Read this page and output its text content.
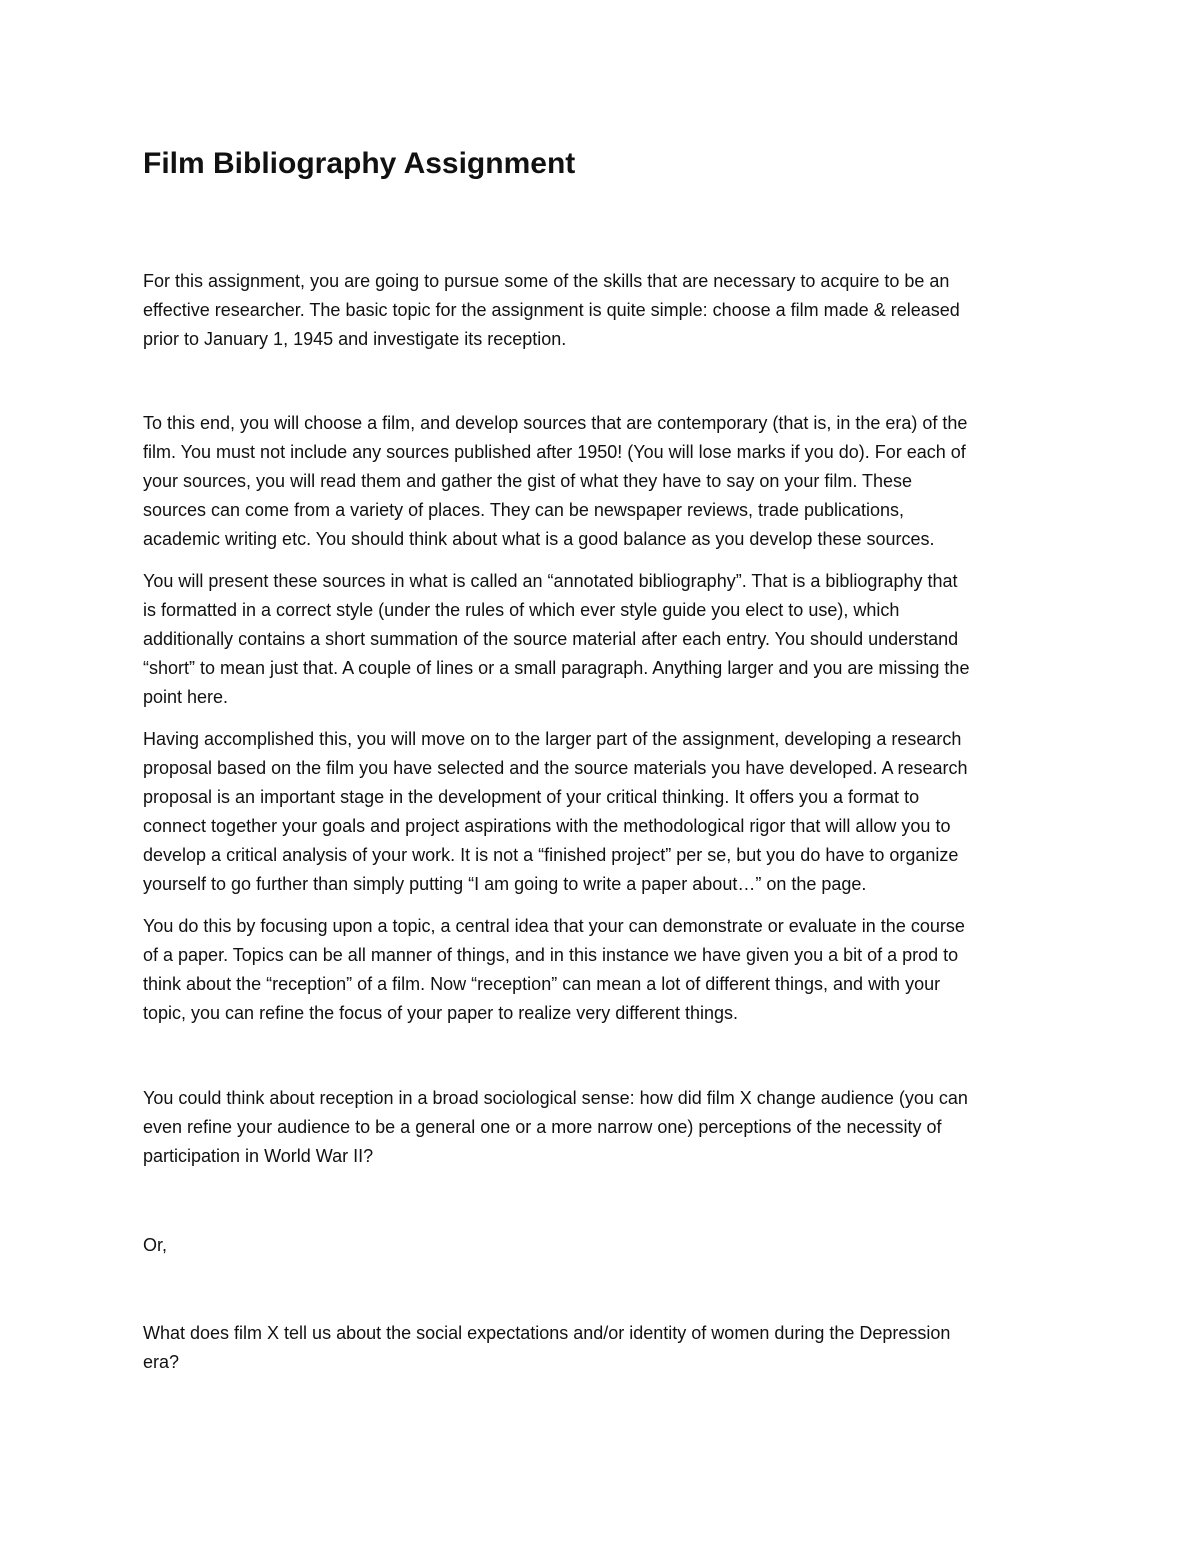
Film Bibliography Assignment

For this assignment, you are going to pursue some of the skills that are necessary to acquire to be an
effective researcher. The basic topic for the assignment is quite simple: choose a film made & released
prior to January 1, 1945 and investigate its reception.

To this end, you will choose a film, and develop sources that are contemporary (that is, in the era) of the
film. You must not include any sources published after 1950! (You will lose marks if you do). For each of
your sources, you will read them and gather the gist of what they have to say on your film. These
sources can come from a variety of places. They can be newspaper reviews, trade publications,
academic writing etc. You should think about what is a good balance as you develop these sources.

You will present these sources in what is called an “annotated bibliography”. That is a bibliography that
is formatted in a correct style (under the rules of which ever style guide you elect to use), which
additionally contains a short summation of the source material after each entry. You should understand
“short” to mean just that. A couple of lines or a small paragraph. Anything larger and you are missing the
point here.

Having accomplished this, you will move on to the larger part of the assignment, developing a research
proposal based on the film you have selected and the source materials you have developed. A research
proposal is an important stage in the development of your critical thinking. It offers you a format to
connect together your goals and project aspirations with the methodological rigor that will allow you to
develop a critical analysis of your work. It is not a “finished project” per se, but you do have to organize
yourself to go further than simply putting “I am going to write a paper about…” on the page.

You do this by focusing upon a topic, a central idea that your can demonstrate or evaluate in the course
of a paper. Topics can be all manner of things, and in this instance we have given you a bit of a prod to
think about the “reception” of a film. Now “reception” can mean a lot of different things, and with your
topic, you can refine the focus of your paper to realize very different things.

You could think about reception in a broad sociological sense: how did film X change audience (you can
even refine your audience to be a general one or a more narrow one) perceptions of the necessity of
participation in World War II?

Or,

What does film X tell us about the social expectations and/or identity of women during the Depression
era?
